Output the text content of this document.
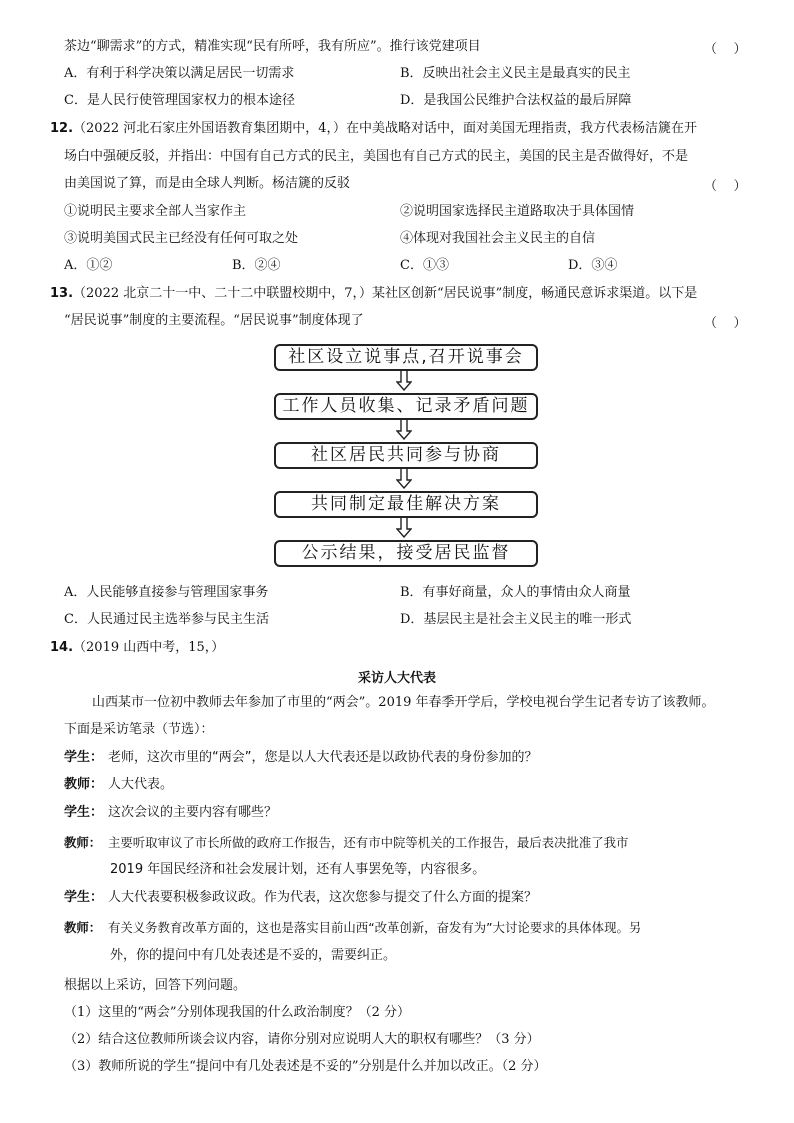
茶边“聊需求”的方式，精准实现“民有所呼，我有所应”。推行该党建项目	（    ）
A．有利于科学决策以满足居民一切需求	B．反映出社会主义民主是最真实的民主
C．是人民行使管理国家权力的根本途径	D．是我国公民维护合法权益的最后屏障
12.（2022 河北石家庄外国语教育集团期中，4，）在中美战略对话中，面对美国无理指责，我方代表杨洁篪在开
场白中强硬反驳，并指出：中国有自己方式的民主，美国也有自己方式的民主，美国的民主是否做得好，不是
由美国说了算，而是由全球人判断。杨洁篪的反驳	（    ）
①说明民主要求全部人当家作主	②说明国家选择民主道路取决于具体国情
③说明美国式民主已经没有任何可取之处	④体现对我国社会主义民主的自信
A．①②	B．②④	C．①③	D．③④
13.（2022 北京二十一中、二十二中联盟校期中，7，）某社区创新“居民说事”制度，畅通民意诉求渠道。以下是
“居民说事”制度的主要流程。“居民说事”制度体现了	（    ）
社区设立说事点,召开说事会
工作人员收集、记录矛盾问题
社区居民共同参与协商
共同制定最佳解决方案
公示结果，接受居民监督
A．人民能够直接参与管理国家事务	B．有事好商量，众人的事情由众人商量
C．人民通过民主选举参与民主生活	D．基层民主是社会主义民主的唯一形式
14.（2019 山西中考，15，）
采访人大代表
山西某市一位初中教师去年参加了市里的“两会”。2019 年春季开学后，学校电视台学生记者专访了该教师。
下面是采访笔录（节选）：
学生： 老师，这次市里的“两会”，您是以人大代表还是以政协代表的身份参加的？
教师： 人大代表。
学生： 这次会议的主要内容有哪些？
教师： 主要听取审议了市长所做的政府工作报告，还有市中院等机关的工作报告，最后表决批准了我市
2019 年国民经济和社会发展计划，还有人事罢免等，内容很多。
学生： 人大代表要积极参政议政。作为代表，这次您参与提交了什么方面的提案？
教师： 有关义务教育改革方面的，这也是落实目前山西“改革创新，奋发有为”大讨论要求的具体体现。另
外，你的提问中有几处表述是不妥的，需要纠正。
根据以上采访，回答下列问题。
（1）这里的“两会”分别体现我国的什么政治制度？（2 分）
（2）结合这位教师所谈会议内容，请你分别对应说明人大的职权有哪些？（3 分）
（3）教师所说的学生“提问中有几处表述是不妥的”分别是什么并加以改正。（2 分）
